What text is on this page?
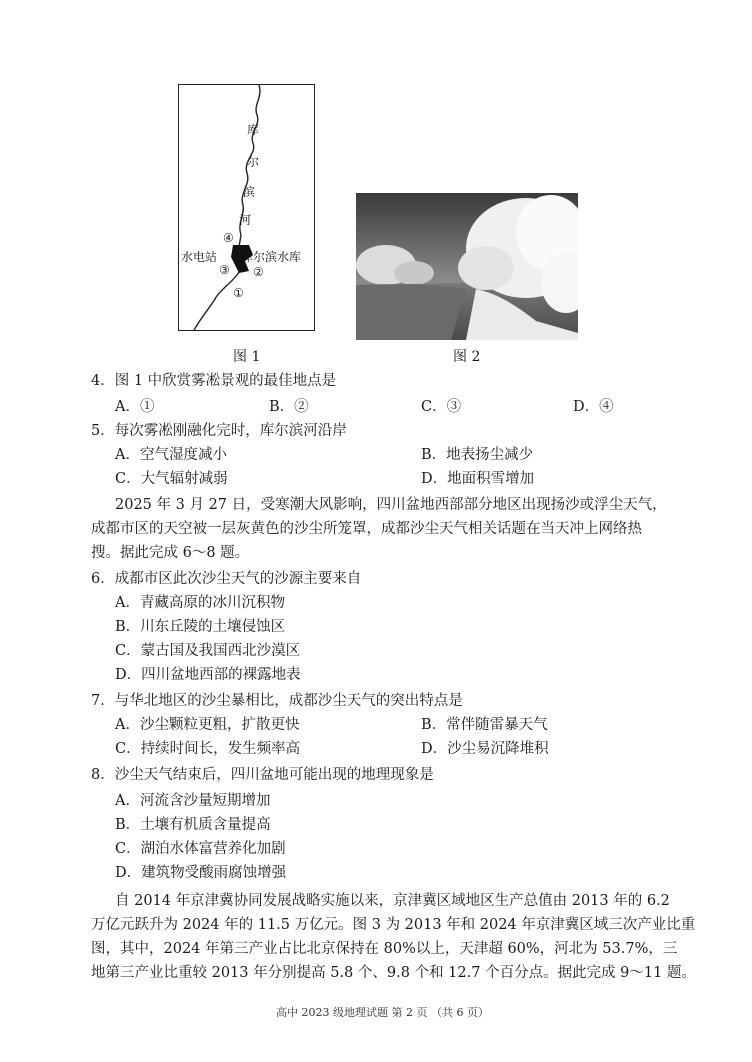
库
尔
滨
河
④
水电站 库尔滨水库
③ ②
①
图 1	图 2
4．图 1 中欣赏雾凇景观的最佳地点是
A．①	B．②	C．③	D．④
5．每次雾凇刚融化完时，库尔滨河沿岸
A．空气湿度减小	B．地表扬尘减少
C．大气辐射减弱	D．地面积雪增加
2025 年 3 月 27 日，受寒潮大风影响，四川盆地西部部分地区出现扬沙或浮尘天气，
成都市区的天空被一层灰黄色的沙尘所笼罩，成都沙尘天气相关话题在当天冲上网络热
搜。据此完成 6～8 题。
6．成都市区此次沙尘天气的沙源主要来自
A．青藏高原的冰川沉积物
B．川东丘陵的土壤侵蚀区
C．蒙古国及我国西北沙漠区
D．四川盆地西部的裸露地表
7．与华北地区的沙尘暴相比，成都沙尘天气的突出特点是
A．沙尘颗粒更粗，扩散更快	B．常伴随雷暴天气
C．持续时间长，发生频率高	D．沙尘易沉降堆积
8．沙尘天气结束后，四川盆地可能出现的地理现象是
A．河流含沙量短期增加
B．土壤有机质含量提高
C．湖泊水体富营养化加剧
D．建筑物受酸雨腐蚀增强
自 2014 年京津冀协同发展战略实施以来，京津冀区域地区生产总值由 2013 年的 6.2
万亿元跃升为 2024 年的 11.5 万亿元。图 3 为 2013 年和 2024 年京津冀区域三次产业比重
图，其中，2024 年第三产业占比北京保持在 80%以上，天津超 60%，河北为 53.7%，三
地第三产业比重较 2013 年分别提高 5.8 个、9.8 个和 12.7 个百分点。据此完成 9～11 题。
高中 2023 级地理试题 第 2 页 （共 6 页）
